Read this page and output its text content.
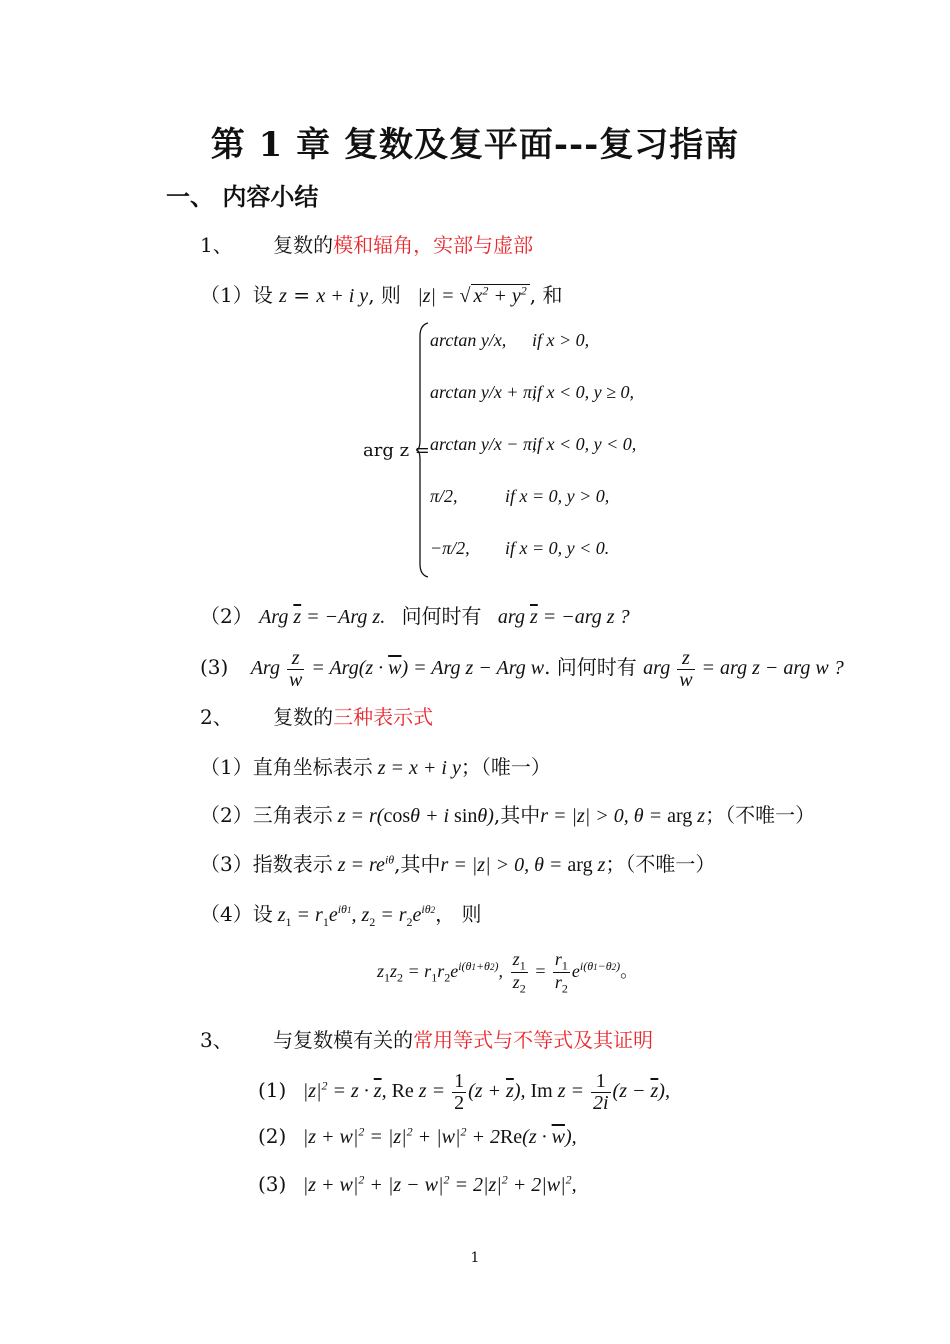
第 1 章 复数及复平面---复习指南
一、 内容小结
1、 复数的模和辐角，实部与虚部
（1）设 z = x + i y, 则 |z| = √ $x^2 + y^2$ , 和
arg z =
arctan y/x, if x > 0,
arctan y/x + π,
if x < 0, y ≥ 0,
arctan y/x − π,
if x < 0, y < 0,
π/2,	if x = 0, y > 0,
−π/2, if x = 0, y < 0.
（2） Arg $\overline{z} = -Arg$ z. 问何时有 arg $\overline{z} = -arg$ z ?
(3) Arg $\frac{z}{w} = Arg(z \cdot \overline{w})$ = Arg z − Arg w. 问何时有 arg $\frac{z}{w}$ = arg z − arg w ?
2、 复数的三种表示式
（1）直角坐标表示 z = x + i y；（唯一）
（2）三角表示 z = r(cosθ + i sinθ),其中r = |z| > 0, θ = arg z；（不唯一）
（3）指数表示 $z = re^{i\theta}$,其中r = |z| > 0, θ = arg z；（不唯一）
（4）设 $z_1 = r_1e^{i\theta 1}$, $z_2 = r_2e^{i\theta 2}$， 则
$z_1z_2 = r_1r_2e^{i(\theta 1+\theta 2)}$, $\frac{z_1}{z_2} = \frac{r_1}{r_2} e^{i(\theta 1-\theta 2)}$。
3、 与复数模有关的常用等式与不等式及其证明
(1) $|z|^2 = z \cdot \overline{z}$, Re $z = \frac{1}{2} (z + \overline{z})$, Im $z = \frac{1}{2i} (z - \overline{z})$,
(2) $|z + w|^2 = |z|^2 + |w|^2 + 2Re(z \cdot \overline{w})$,
(3) $|z + w|^2 + |z - w|^2 = 2|z|^2 + 2|w|^2$,
1
